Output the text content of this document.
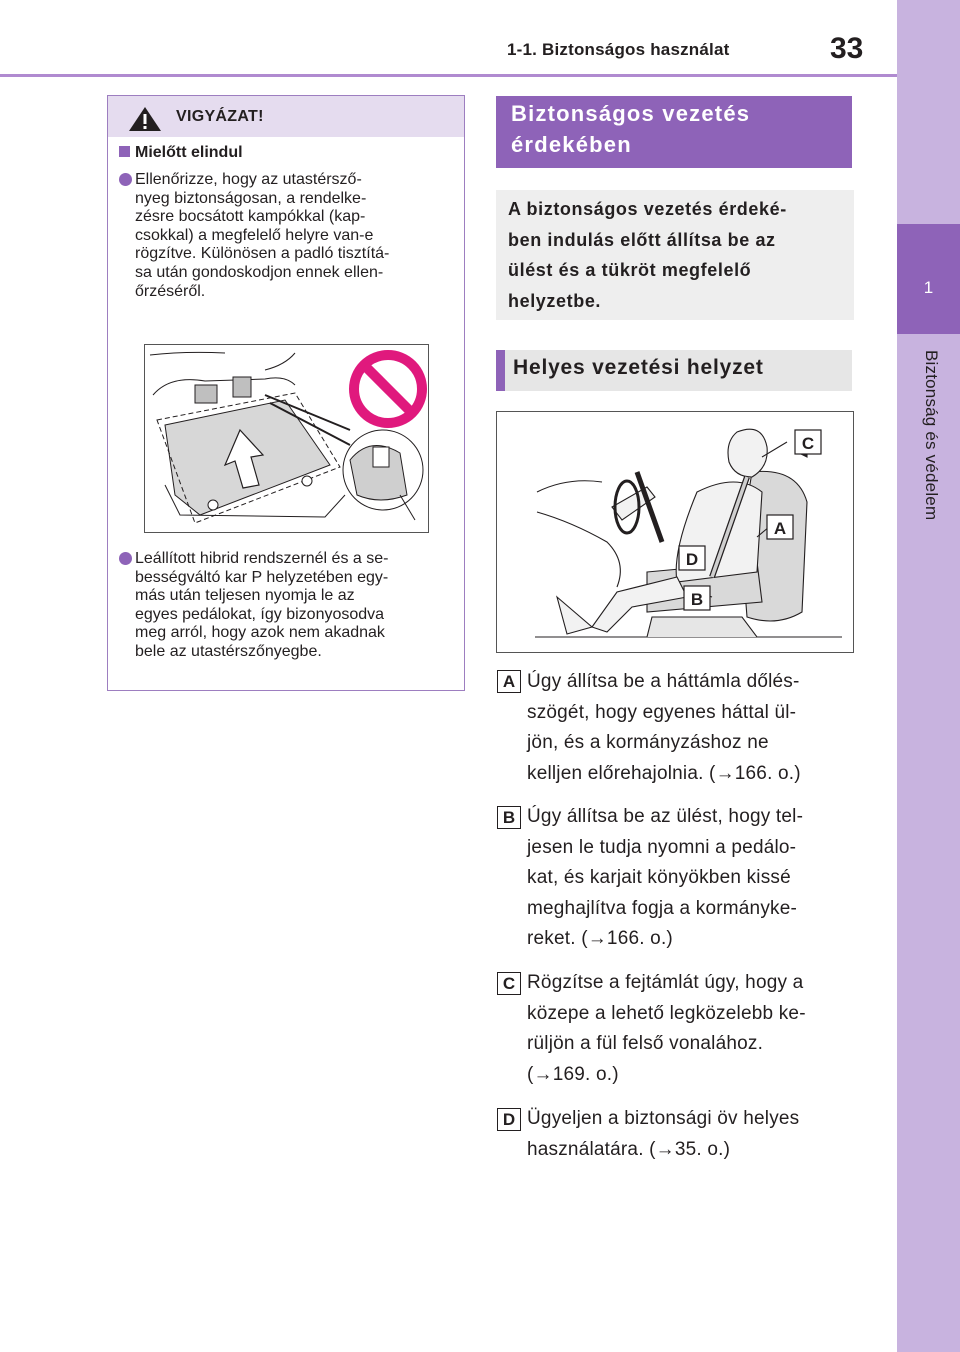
1-1. Biztonságos használat	33
1
Biztonság és védelem
VIGYÁZAT!
Mielőtt elindul
Ellenőrizze, hogy az utastérsző-
nyeg biztonságosan, a rendelke-
zésre bocsátott kampókkal (kap-
csokkal) a megfelelő helyre van-e
rögzítve. Különösen a padló tisztítá-
sa után gondoskodjon ennek ellen-
őrzéséről.
Leállított hibrid rendszernél és a se-
bességváltó kar P helyzetében egy-
más után teljesen nyomja le az
egyes pedálokat, így bizonyosodva
meg arról, hogy azok nem akadnak
bele az utastérszőnyegbe.
Biztonságos vezetés
érdekében
A biztonságos vezetés érdeké-
ben indulás előtt állítsa be az
ülést és a tükröt megfelelő
helyzetbe.
Helyes vezetési helyzet
C
A
D
B
A Úgy állítsa be a háttámla dőlés-
szögét, hogy egyenes háttal ül-
jön, és a kormányzáshoz ne
kelljen előrehajolnia. (→166. o.)
B Úgy állítsa be az ülést, hogy tel-
jesen le tudja nyomni a pedálo-
kat, és karjait könyökben kissé
meghajlítva fogja a kormányke-
reket. (→166. o.)
C Rögzítse a fejtámlát úgy, hogy a
közepe a lehető legközelebb ke-
rüljön a fül felső vonalához.
(→169. o.)
D Ügyeljen a biztonsági öv helyes
használatára. (→35. o.)
